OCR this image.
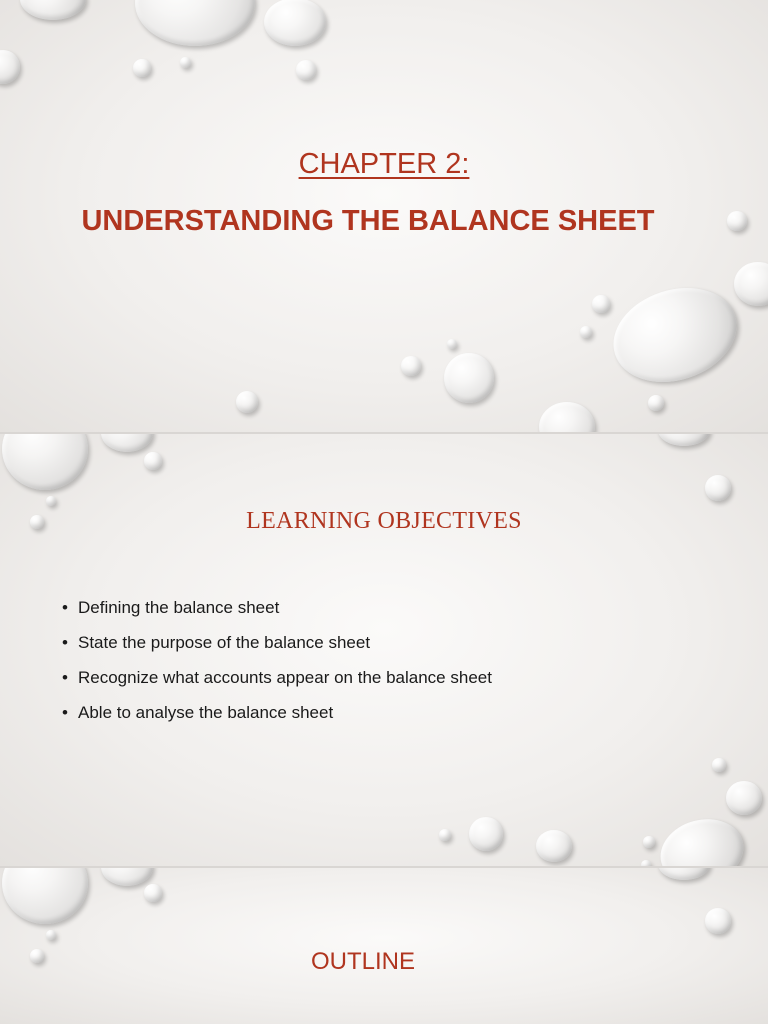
CHAPTER 2:
UNDERSTANDING THE BALANCE SHEET
LEARNING OBJECTIVES
• Defining the balance sheet
• State the purpose of the balance sheet
• Recognize what accounts appear on the balance sheet
• Able to analyse the balance sheet
OUTLINE
